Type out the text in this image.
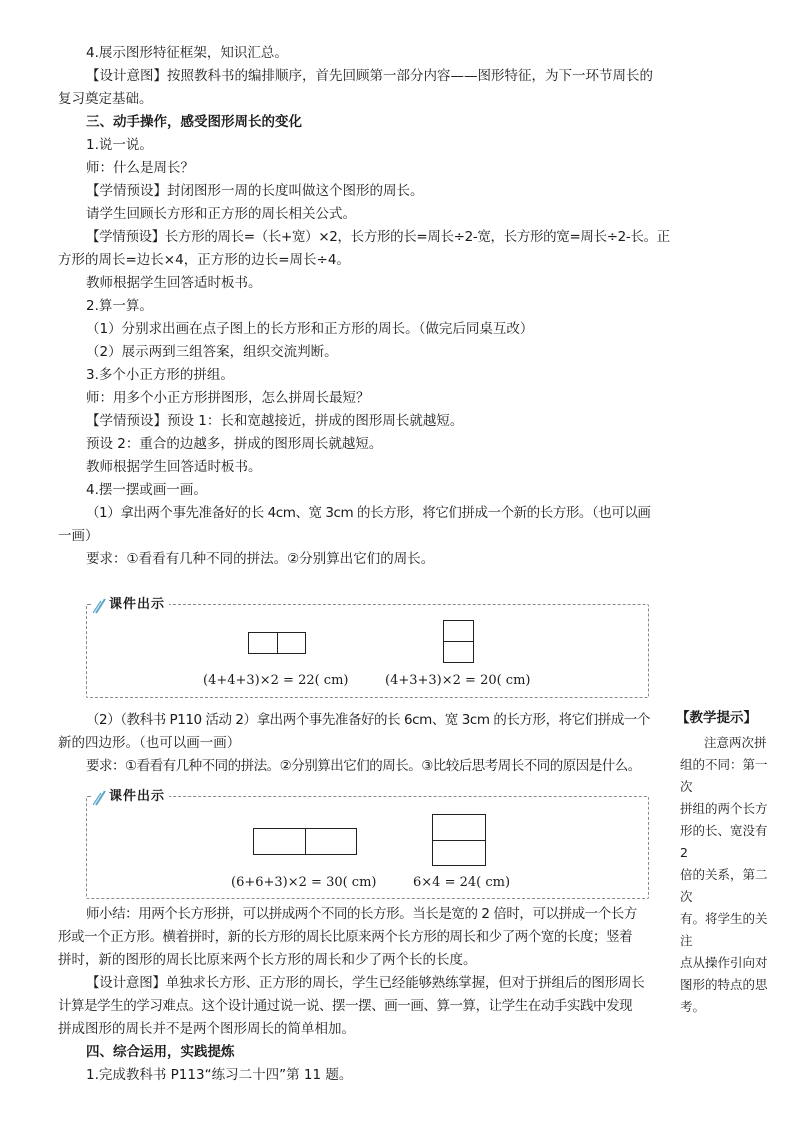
4.展示图形特征框架，知识汇总。
【设计意图】按照教科书的编排顺序，首先回顾第一部分内容——图形特征，为下一环节周长的
复习奠定基础。
三、动手操作，感受图形周长的变化
1.说一说。
师：什么是周长？
【学情预设】封闭图形一周的长度叫做这个图形的周长。
请学生回顾长方形和正方形的周长相关公式。
【学情预设】长方形的周长=（长+宽）×2，长方形的长=周长÷2-宽，长方形的宽=周长÷2-长。正
方形的周长=边长×4，正方形的边长=周长÷4。
教师根据学生回答适时板书。
2.算一算。
（1）分别求出画在点子图上的长方形和正方形的周长。（做完后同桌互改）
（2）展示两到三组答案，组织交流判断。
3.多个小正方形的拼组。
师：用多个小正方形拼图形，怎么拼周长最短？
【学情预设】预设 1：长和宽越接近，拼成的图形周长就越短。
预设 2：重合的边越多，拼成的图形周长就越短。
教师根据学生回答适时板书。
4.摆一摆或画一画。
（1）拿出两个事先准备好的长 4cm、宽 3cm 的长方形，将它们拼成一个新的长方形。（也可以画
一画）
要求：①看看有几种不同的拼法。②分别算出它们的周长。
课件出示
(4+4+3)×2 = 22( cm)	(4+3+3)×2 = 20( cm)
（2）（教科书 P110 活动 2）拿出两个事先准备好的长 6cm、宽 3cm 的长方形，将它们拼成一个
新的四边形。（也可以画一画）
要求：①看看有几种不同的拼法。②分别算出它们的周长。③比较后思考周长不同的原因是什么。
课件出示
(6+6+3)×2 = 30( cm)	6×4 = 24( cm)
师小结：用两个长方形拼，可以拼成两个不同的长方形。当长是宽的 2 倍时，可以拼成一个长方
形或一个正方形。横着拼时，新的长方形的周长比原来两个长方形的周长和少了两个宽的长度；竖着
拼时，新的图形的周长比原来两个长方形的周长和少了两个长的长度。
【设计意图】单独求长方形、正方形的周长，学生已经能够熟练掌握，但对于拼组后的图形周长
计算是学生的学习难点。这个设计通过说一说、摆一摆、画一画、算一算，让学生在动手实践中发现
拼成图形的周长并不是两个图形周长的简单相加。
四、综合运用，实践提炼
1.完成教科书 P113“练习二十四”第 11 题。
【教学提示】
注意两次拼
组的不同：第一次
拼组的两个长方
形的长、宽没有 2
倍的关系，第二次
有。将学生的关注
点从操作引向对
图形的特点的思
考。
